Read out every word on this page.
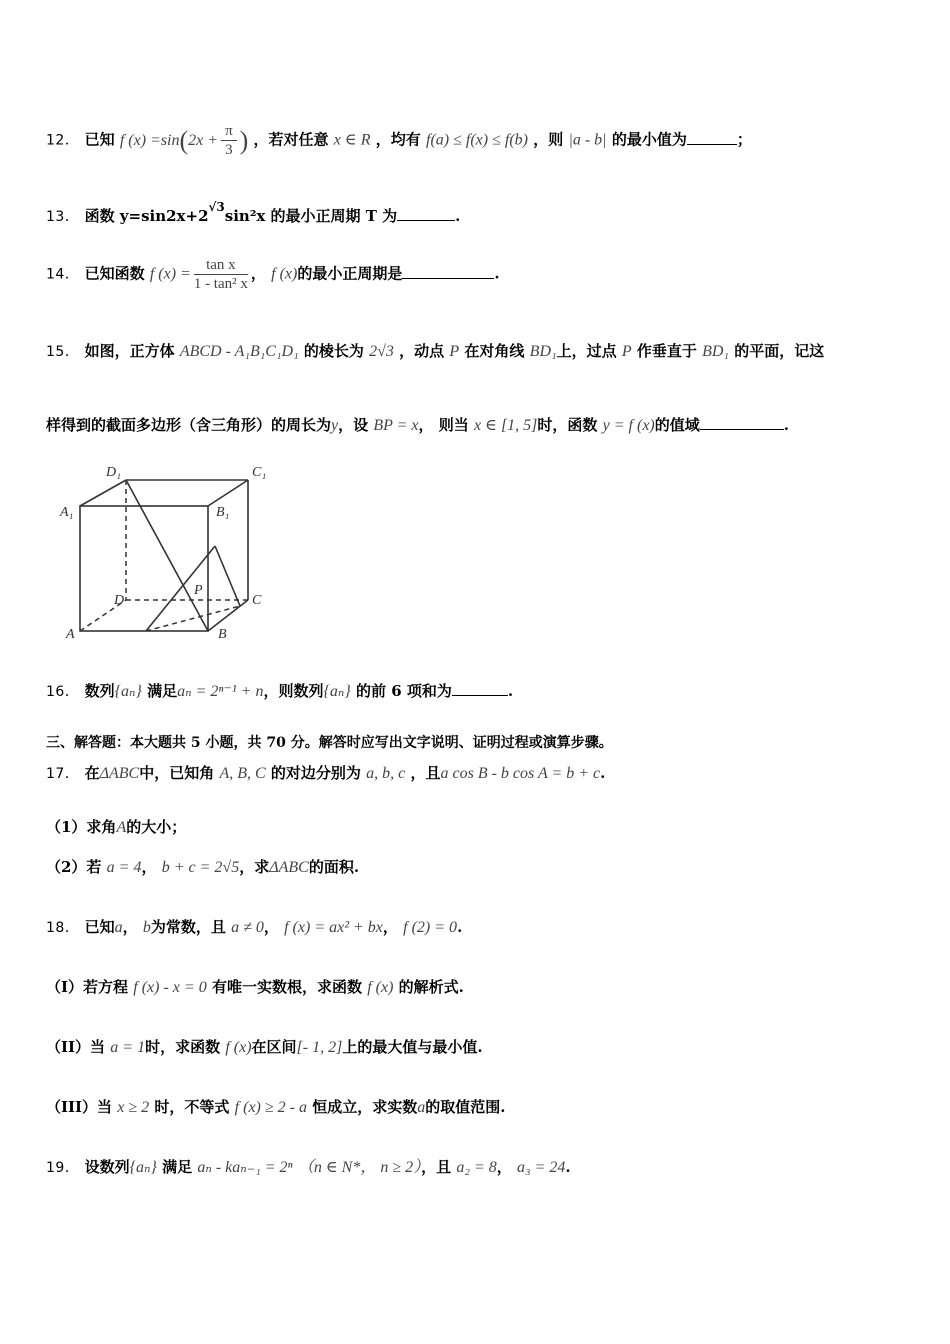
12． 已知 f $(x) =\sin(2x + \frac{\pi}{3}$ ) ，若对任意 x ∈ R ，均有 f(a) ≤ f(x) ≤ f(b) ，则 |a - b| 的最小值为	；
13． 函数 $y=\sin 2x+2^{√3}\sin^2x$ 的最小正周期 T 为	.
14． 已知函数 f $(x) = \frac{\text{tan x}}{\text{1 - tan² x}}$ ， f (x)的最小正周期是	.
15． 如图，正方体 ABCD - A₁B₁C₁D₁ 的棱长为 2√3 ，动点 P 在对角线 BD₁上，过点 P 作垂直于 BD₁ 的平面，记这
样得到的截面多边形（含三角形）的周长为y，设 BP = x， 则当 x ∈ [1, 5]时，函数 y = f (x)的值域	.
D₁	C₁
A₁	B₁
D	C
A	B
P
16． 数列{aₙ} 满足aₙ = 2ⁿ⁻¹ + n，则数列{aₙ} 的前 6 项和为	.
三、解答题：本大题共 5 小题，共 70 分。解答时应写出文字说明、证明过程或演算步骤。
17． 在ΔABC中，已知角 A, B, C 的对边分别为 a, b, c ，且a cos B - b cos A = b + c.
（1）求角A的大小；
（2）若 a = 4， b + c = 2√5，求ΔABC的面积.
18． 已知a， b为常数，且 a ≠ 0， f (x) = ax² + bx， f (2) = 0.
（I）若方程 f (x) - x = 0 有唯一实数根，求函数 f (x) 的解析式.
（II）当 a = 1时，求函数 f (x)在区间[- 1, 2]上的最大值与最小值.
（III）当 x ≥ 2 时，不等式 f (x) ≥ 2 - a 恒成立，求实数a的取值范围.
19． 设数列{aₙ} 满足 aₙ - kaₙ₋₁ = 2ⁿ （n ∈ N*， n ≥ 2），且 a₂ = 8， a₃ = 24.
